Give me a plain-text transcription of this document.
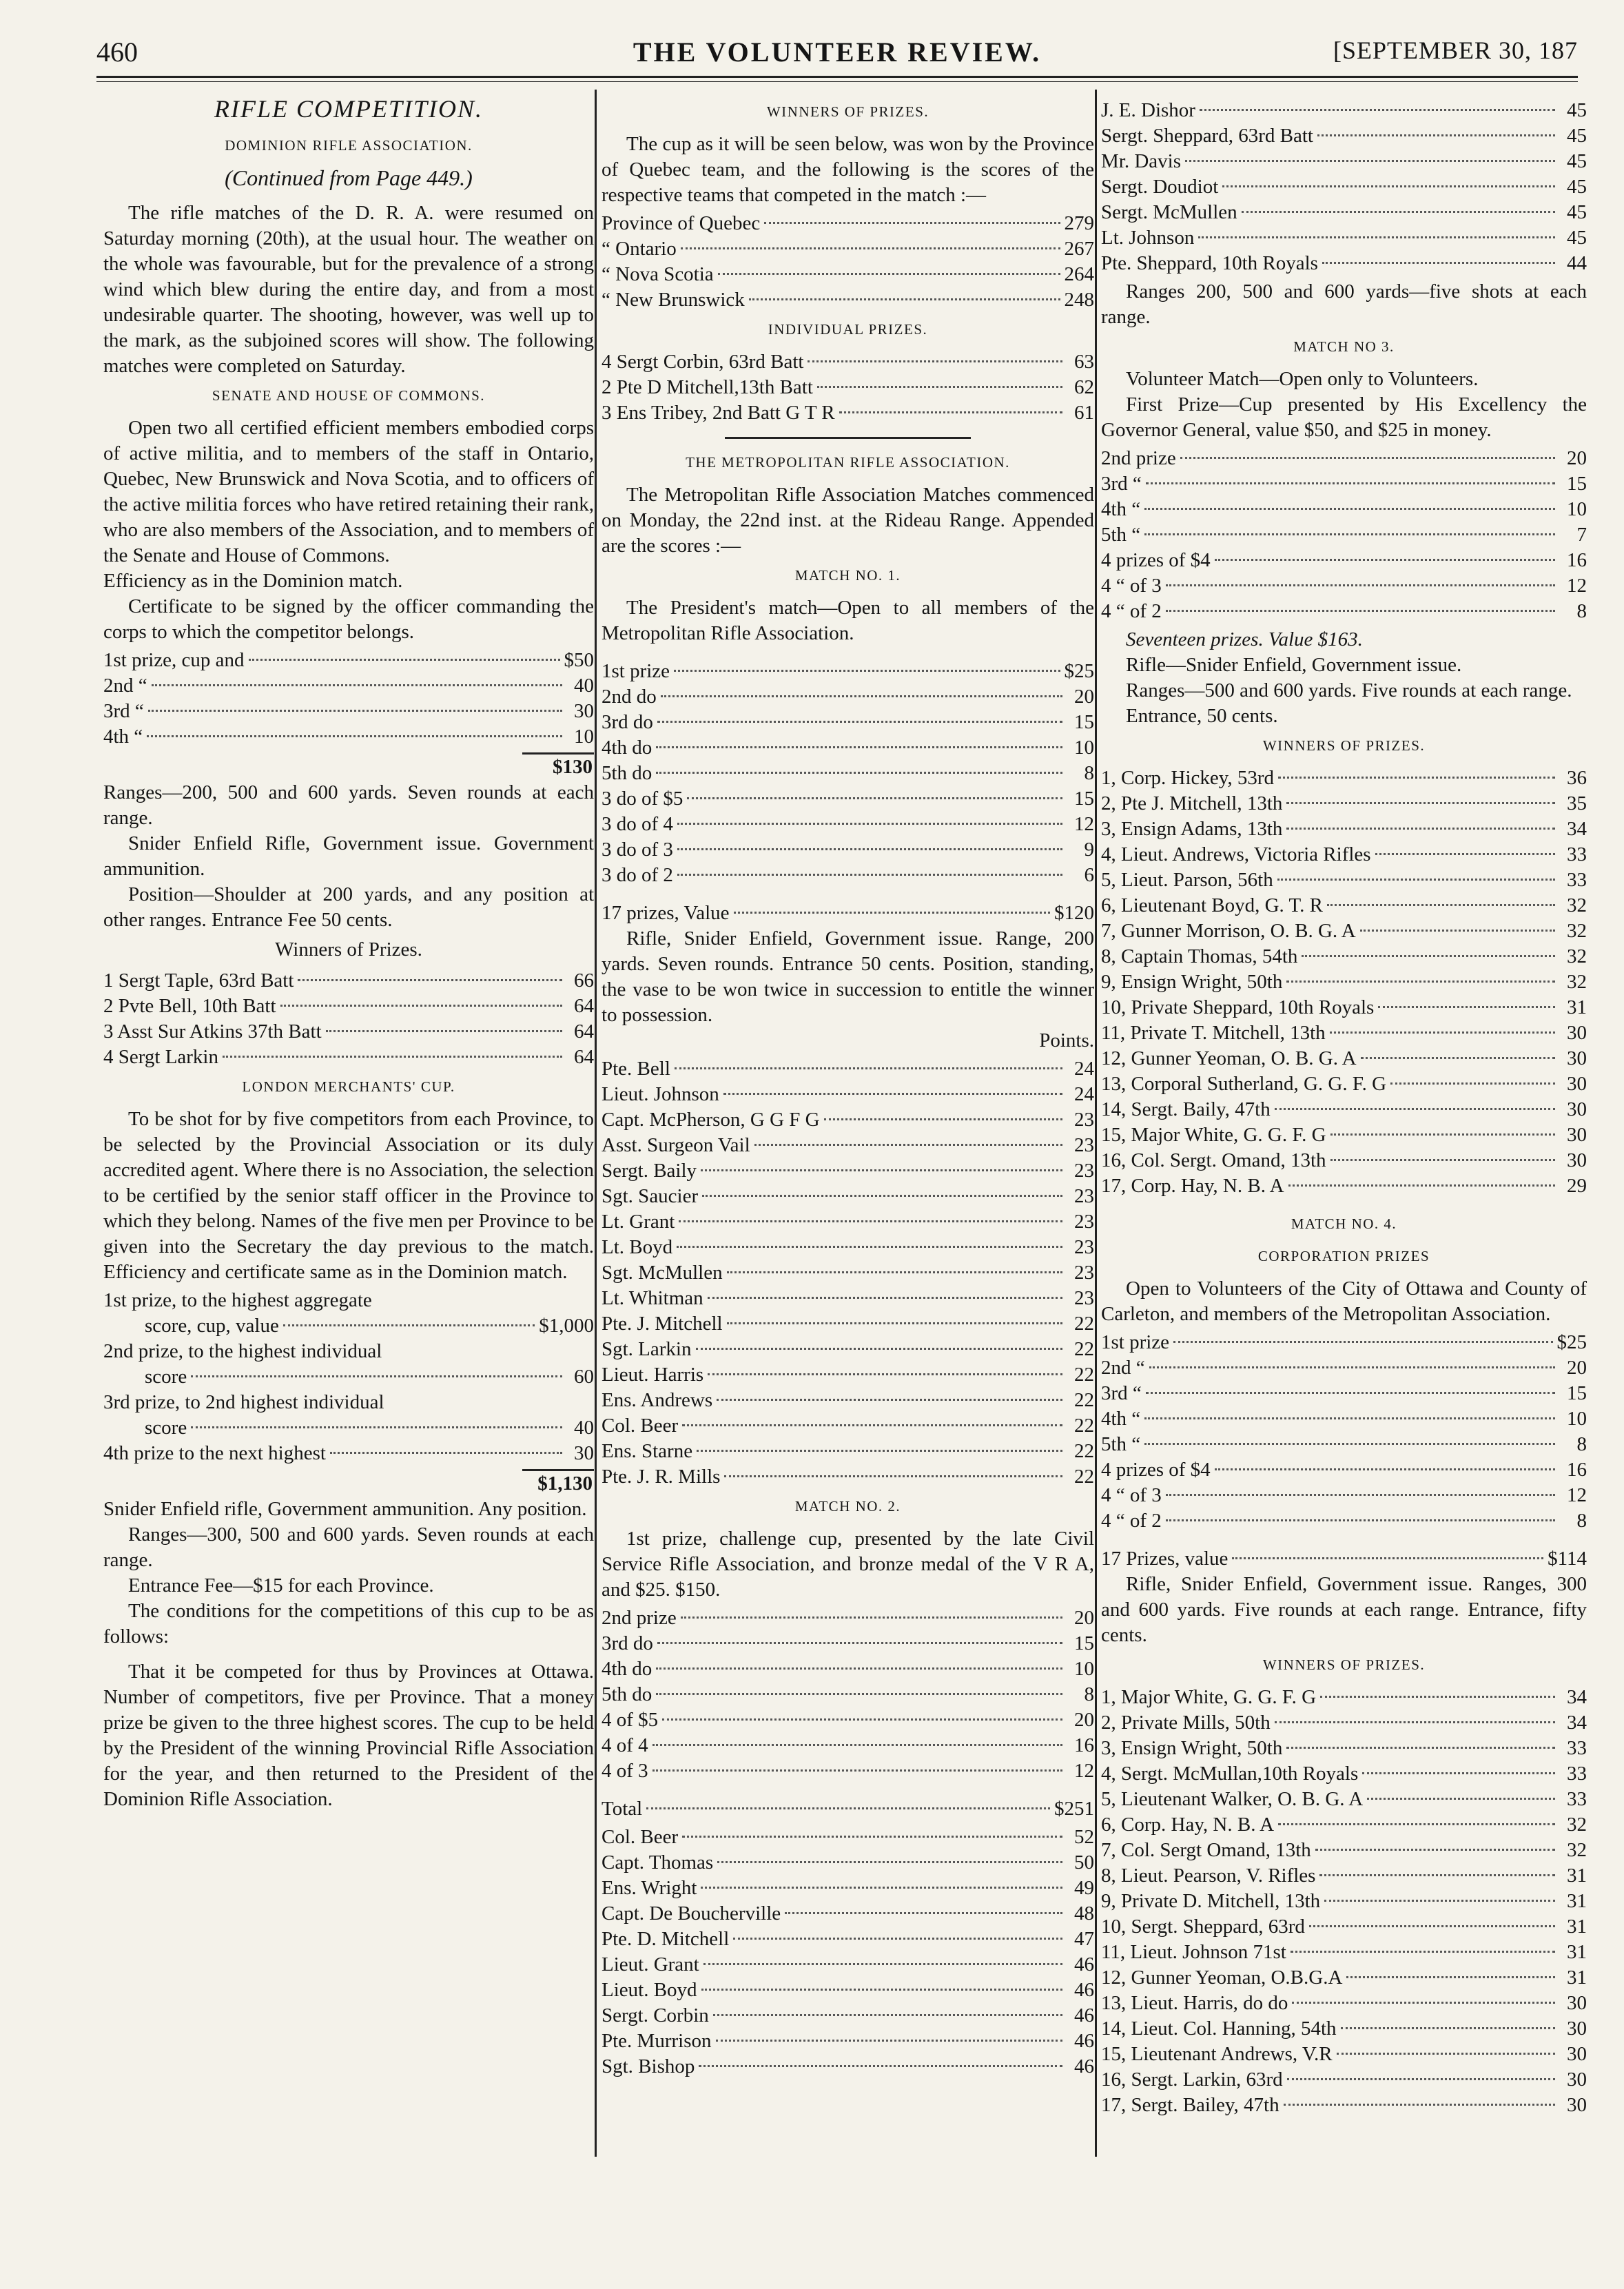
460	THE VOLUNTEER REVIEW.	[SEPTEMBER 30, 187
RIFLE COMPETITION.
DOMINION RIFLE ASSOCIATION.
(Continued from Page 449.)

The rifle matches of the D. R. A. were resumed on Saturday morning (20th), at the usual hour. The weather on the whole was favourable, but for the prevalence of a strong wind which blew during the entire day, and from a most undesirable quarter. The shooting, however, was well up to the mark, as the subjoined scores will show. The following matches were completed on Saturday.

SENATE AND HOUSE OF COMMONS.

Open two all certified efficient members embodied corps of active militia, and to members of the staff in Ontario, Quebec, New Brunswick and Nova Scotia, and to officers of the active militia forces who have retired retaining their rank, who are also members of the Association, and to members of the Senate and House of Commons.

Efficiency as in the Dominion match.

Certificate to be signed by the officer commanding the corps to which the competitor belongs.

1st prize, cup and	$50
2nd “	40
3rd “	30
4th “	10
$130

Ranges—200, 500 and 600 yards. Seven rounds at each range.

Snider Enfield Rifle, Government issue. Government ammunition.

Position—Shoulder at 200 yards, and any position at other ranges. Entrance Fee 50 cents.

Winners of Prizes.
1 Sergt Taple, 63rd Batt	66
2 Pvte Bell, 10th Batt	64
3 Asst Sur Atkins 37th Batt	64
4 Sergt Larkin	64
LONDON MERCHANTS' CUP.

To be shot for by five competitors from each Province, to be selected by the Provincial Association or its duly accredited agent. Where there is no Association, the selection to be certified by the senior staff officer in the Province to which they belong. Names of the five men per Province to be given into the Secretary the day previous to the match. Efficiency and certificate same as in the Dominion match.

1st prize, to the highest aggregate
score, cup, value	$1,000
2nd prize, to the highest individual
score	60
3rd prize, to 2nd highest individual
score	40
4th prize to the next highest	30
$1,130

Snider Enfield rifle, Government ammunition. Any position.

Ranges—300, 500 and 600 yards. Seven rounds at each range.

Entrance Fee—$15 for each Province.

The conditions for the competitions of this cup to be as follows:

That it be competed for thus by Provinces at Ottawa. Number of competitors, five per Province. That a money prize be given to the three highest scores. The cup to be held by the President of the winning Provincial Rifle Association for the year, and then returned to the President of the Dominion Rifle Association.

WINNERS OF PRIZES.

The cup as it will be seen below, was won by the Province of Quebec team, and the following is the scores of the respective teams that competed in the match :—

Province of Quebec	279
“ Ontario	267
“ Nova Scotia	264
“ New Brunswick	248
INDIVIDUAL PRIZES.
4 Sergt Corbin, 63rd Batt	63
2 Pte D Mitchell,13th Batt	62
3 Ens Tribey, 2nd Batt G T R	61
THE METROPOLITAN RIFLE ASSOCIATION.

The Metropolitan Rifle Association Matches commenced on Monday, the 22nd inst. at the Rideau Range. Appended are the scores :—

MATCH NO. 1.

The President's match—Open to all members of the Metropolitan Rifle Association.

1st prize	$25
2nd do	20
3rd do	15
4th do	10
5th do	8
3 do of $5	15
3 do of 4	12
3 do of 3	9
3 do of 2	6
17 prizes, Value	$120

Rifle, Snider Enfield, Government issue. Range, 200 yards. Seven rounds. Entrance 50 cents. Position, standing, the vase to be won twice in succession to entitle the winner to possession.

Points.

Pte. Bell	24
Lieut. Johnson	24
Capt. McPherson, G G F G	23
Asst. Surgeon Vail	23
Sergt. Baily	23
Sgt. Saucier	23
Lt. Grant	23
Lt. Boyd	23
Sgt. McMullen	23
Lt. Whitman	23
Pte. J. Mitchell	22
Sgt. Larkin	22
Lieut. Harris	22
Ens. Andrews	22
Col. Beer	22
Ens. Starne	22
Pte. J. R. Mills	22
MATCH NO. 2.

1st prize, challenge cup, presented by the late Civil Service Rifle Association, and bronze medal of the V R A, and $25. $150.

2nd prize	20
3rd do	15
4th do	10
5th do	8
4 of $5	20
4 of 4	16
4 of 3	12
Total	$251
Col. Beer	52
Capt. Thomas	50
Ens. Wright	49
Capt. De Boucherville	48
Pte. D. Mitchell	47
Lieut. Grant	46
Lieut. Boyd	46
Sergt. Corbin	46
Pte. Murrison	46
Sgt. Bishop	46
J. E. Dishor	45
Sergt. Sheppard, 63rd Batt	45
Mr. Davis	45
Sergt. Doudiot	45
Sergt. McMullen	45
Lt. Johnson	45
Pte. Sheppard, 10th Royals	44

Ranges 200, 500 and 600 yards—five shots at each range.

MATCH NO 3.

Volunteer Match—Open only to Volunteers.

First Prize—Cup presented by His Excellency the Governor General, value $50, and $25 in money.

2nd prize	20
3rd “	15
4th “	10
5th “	7
4 prizes of $4	16
4 “ of 3	12
4 “ of 2	8

Seventeen prizes. Value $163.

Rifle—Snider Enfield, Government issue.

Ranges—500 and 600 yards. Five rounds at each range.

Entrance, 50 cents.

WINNERS OF PRIZES.
1, Corp. Hickey, 53rd	36
2, Pte J. Mitchell, 13th	35
3, Ensign Adams, 13th	34
4, Lieut. Andrews, Victoria Rifles	33
5, Lieut. Parson, 56th	33
6, Lieutenant Boyd, G. T. R	32
7, Gunner Morrison, O. B. G. A	32
8, Captain Thomas, 54th	32
9, Ensign Wright, 50th	32
10, Private Sheppard, 10th Royals	31
11, Private T. Mitchell, 13th	30
12, Gunner Yeoman, O. B. G. A	30
13, Corporal Sutherland, G. G. F. G	30
14, Sergt. Baily, 47th	30
15, Major White, G. G. F. G	30
16, Col. Sergt. Omand, 13th	30
17, Corp. Hay, N. B. A	29
MATCH NO. 4.
CORPORATION PRIZES

Open to Volunteers of the City of Ottawa and County of Carleton, and members of the Metropolitan Association.

1st prize	$25
2nd “	20
3rd “	15
4th “	10
5th “	8
4 prizes of $4	16
4 “ of 3	12
4 “ of 2	8
17 Prizes, value	$114

Rifle, Snider Enfield, Government issue. Ranges, 300 and 600 yards. Five rounds at each range. Entrance, fifty cents.

WINNERS OF PRIZES.
1, Major White, G. G. F. G	34
2, Private Mills, 50th	34
3, Ensign Wright, 50th	33
4, Sergt. McMullan,10th Royals	33
5, Lieutenant Walker, O. B. G. A	33
6, Corp. Hay, N. B. A	32
7, Col. Sergt Omand, 13th	32
8, Lieut. Pearson, V. Rifles	31
9, Private D. Mitchell, 13th	31
10, Sergt. Sheppard, 63rd	31
11, Lieut. Johnson 71st	31
12, Gunner Yeoman, O.B.G.A	31
13, Lieut. Harris, do do	30
14, Lieut. Col. Hanning, 54th	30
15, Lieutenant Andrews, V.R	30
16, Sergt. Larkin, 63rd	30
17, Sergt. Bailey, 47th	30
